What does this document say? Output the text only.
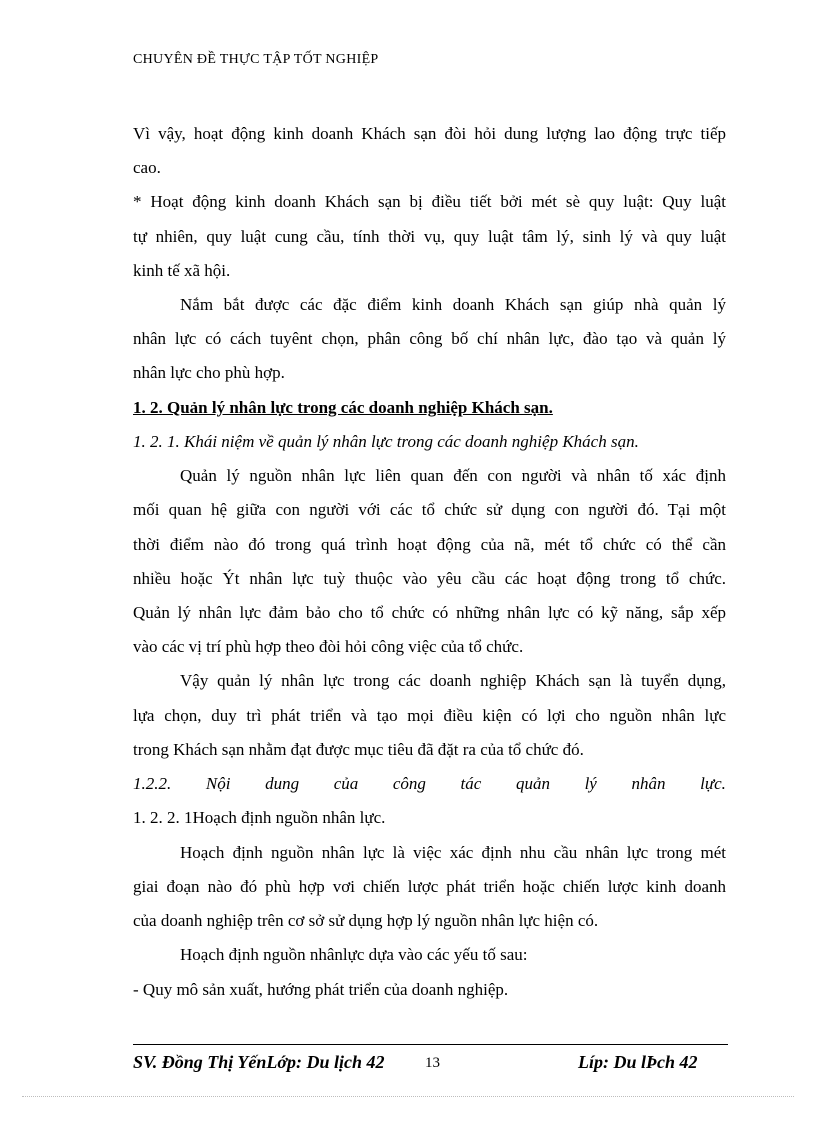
CHUYÊN ĐỀ THỰC TẬP TỐT NGHIỆP
Vì vậy, hoạt động kinh doanh Khách sạn đòi hỏi dung lượng lao động trực tiếp
cao.
* Hoạt động kinh doanh Khách sạn bị điều tiết bởi mét sè quy luật: Quy luật
tự nhiên, quy luật cung cầu, tính thời vụ, quy luật tâm lý, sinh lý và quy luật
kinh tế xã hội.
Nắm bắt được các đặc điểm kinh doanh Khách sạn giúp nhà quản lý
nhân lực có cách tuyênt chọn, phân công bố chí nhân lực, đào tạo và quản lý
nhân lực cho phù hợp.
1. 2. Quản lý nhân lực trong các doanh nghiệp Khách sạn.
1. 2. 1. Khái niệm về quản lý nhân lực trong các doanh nghiệp Khách sạn.
Quản lý nguồn nhân lực liên quan đến con người và nhân tố xác định
mối quan hệ giữa con người với các tổ chức sử dụng con người đó. Tại một
thời điểm nào đó trong quá trình hoạt động của nã, mét tổ chức có thể cần
nhiều hoặc Ýt nhân lực tuỳ thuộc vào yêu cầu các hoạt động trong tổ chức.
Quản lý nhân lực đảm bảo cho tổ chức có những nhân lực có kỹ năng, sắp xếp
vào các vị trí phù hợp theo đòi hỏi công việc của tổ chức.
Vậy quản lý nhân lực trong các doanh nghiệp Khách sạn là tuyển dụng,
lựa chọn, duy trì phát triển và tạo mọi điều kiện có lợi cho nguồn nhân lực
trong Khách sạn nhằm đạt được mục tiêu đã đặt ra của tổ chức đó.
1.2.2. Nội dung của công tác quản lý nhân lực.
1. 2. 2. 1Hoạch định nguồn nhân lực.
Hoạch định nguồn nhân lực là việc xác định nhu cầu nhân lực trong mét
giai đoạn nào đó phù hợp vơi chiến lược phát triển hoặc chiến lược kinh doanh
của doanh nghiệp trên cơ sở sử dụng hợp lý nguồn nhân lực hiện có.
Hoạch định nguồn nhânlực dựa vào các yếu tố sau:
- Quy mô sản xuất, hướng phát triển của doanh nghiệp.
SV. Đồng Thị YếnLớp: Du lịch 42	13	Líp: Du lÞch 42
